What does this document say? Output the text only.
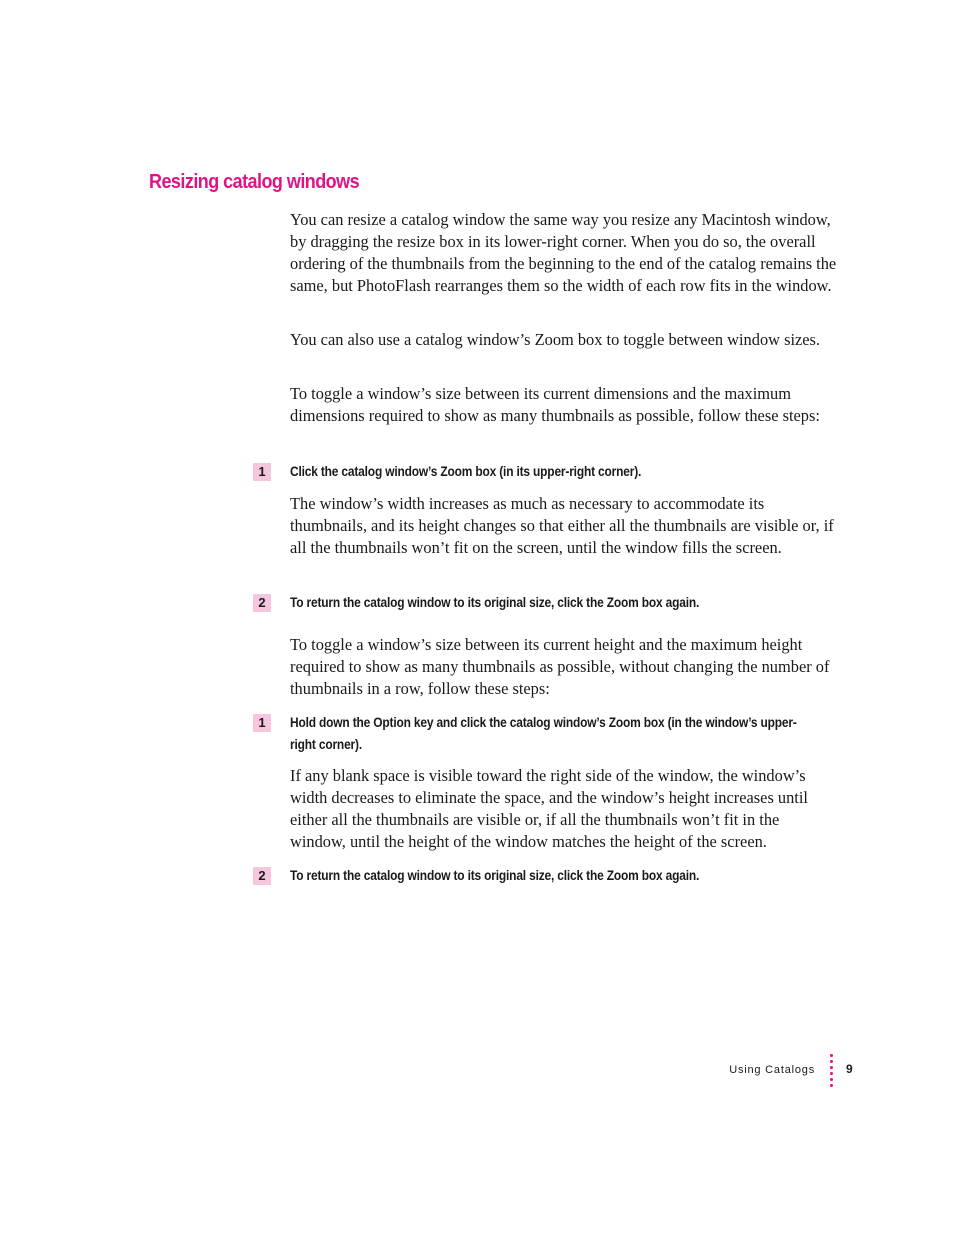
Resizing catalog windows

You can resize a catalog window the same way you resize any Macintosh window, by dragging the resize box in its lower-right corner. When you do so, the overall ordering of the thumbnails from the beginning to the end of the catalog remains the same, but PhotoFlash rearranges them so the width of each row fits in the window.

You can also use a catalog window’s Zoom box to toggle between window sizes.

To toggle a window’s size between its current dimensions and the maximum dimensions required to show as many thumbnails as possible, follow these steps:

1	Click the catalog window’s Zoom box (in its upper-right corner).

The window’s width increases as much as necessary to accommodate its thumbnails, and its height changes so that either all the thumbnails are visible or, if all the thumbnails won’t fit on the screen, until the window fills the screen.

2	To return the catalog window to its original size, click the Zoom box again.

To toggle a window’s size between its current height and the maximum height required to show as many thumbnails as possible, without changing the number of thumbnails in a row, follow these steps:

1	Hold down the Option key and click the catalog window’s Zoom box (in the window’s upper-right corner).

If any blank space is visible toward the right side of the window, the window’s width decreases to eliminate the space, and the window’s height increases until either all the thumbnails are visible or, if all the thumbnails won’t fit in the window, until the height of the window matches the height of the screen.

2	To return the catalog window to its original size, click the Zoom box again.
Using Catalogs	9
